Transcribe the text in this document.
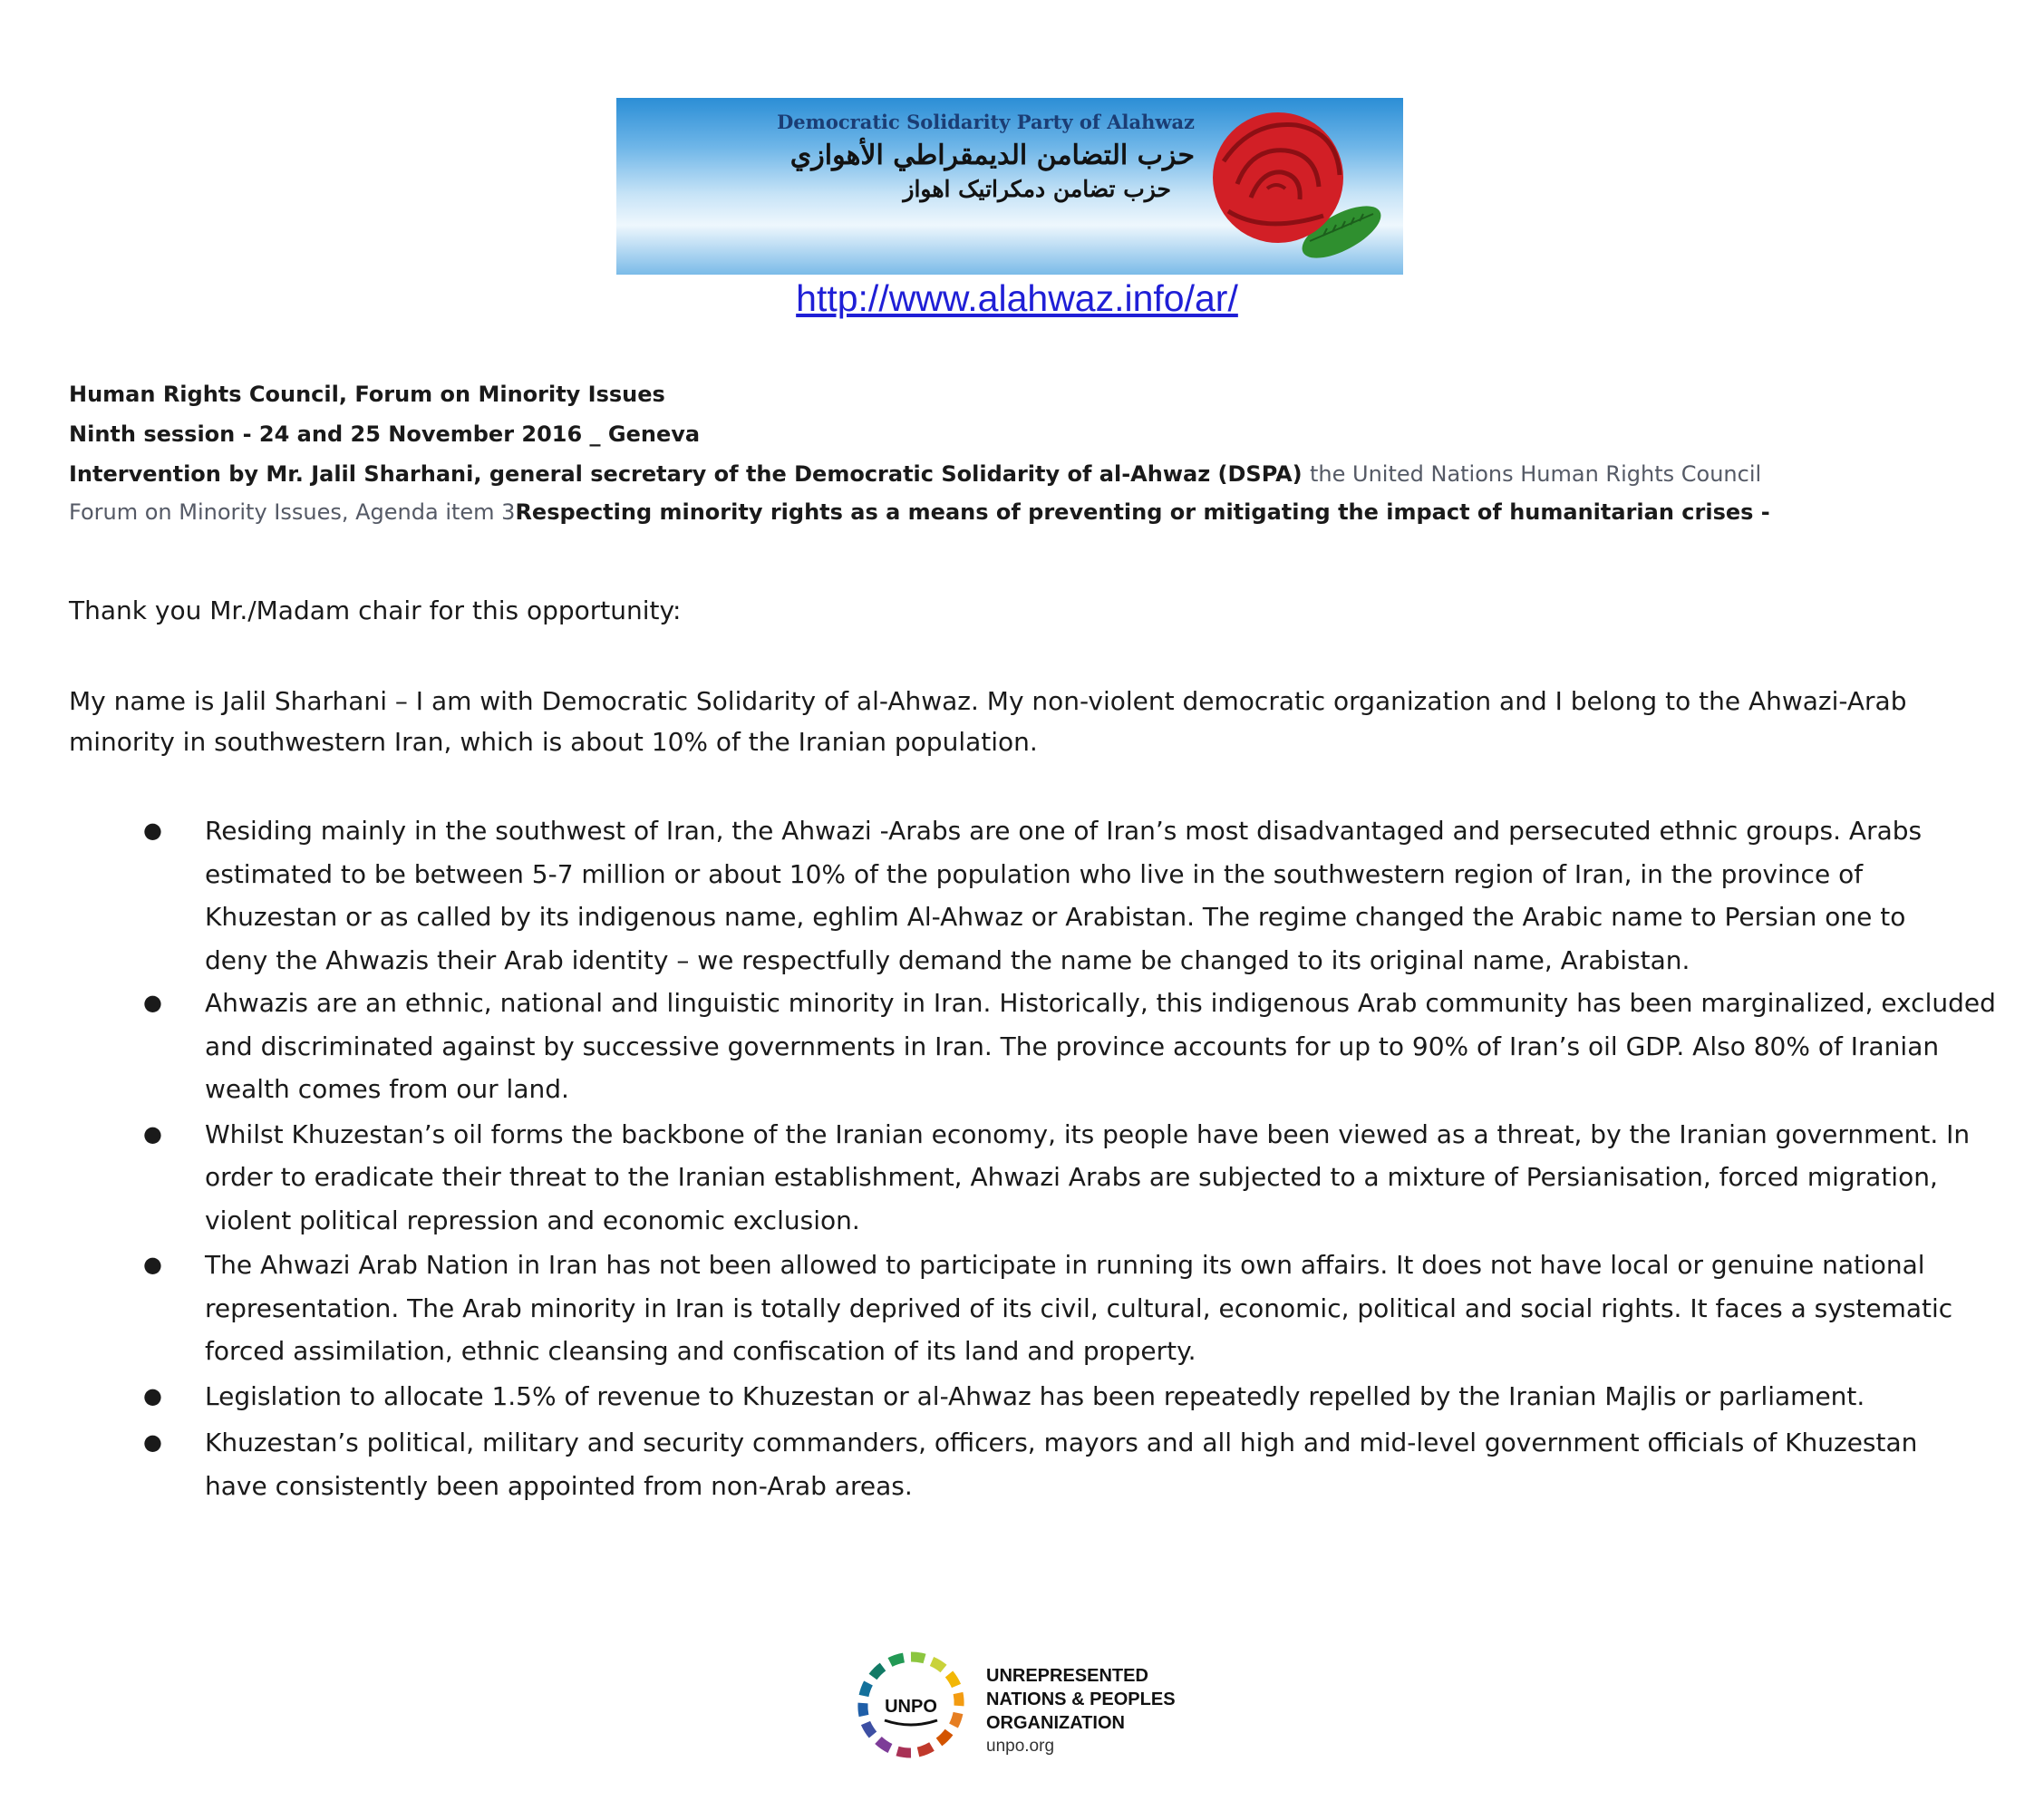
Democratic Solidarity Party of Alahwaz
حزب التضامن الديمقراطي الأهوازي
حزب تضامن دمکراتیک اهواز
http://www.alahwaz.info/ar/
Human Rights Council, Forum on Minority Issues
Ninth session - 24 and 25 November 2016 _ Geneva
Intervention by Mr. Jalil Sharhani, general secretary of the Democratic Solidarity of al-Ahwaz (DSPA) the United Nations Human Rights Council
Forum on Minority Issues, Agenda item 3Respecting minority rights as a means of preventing or mitigating the impact of humanitarian crises -
Thank you Mr./Madam chair for this opportunity:
My name is Jalil Sharhani – I am with Democratic Solidarity of al-Ahwaz. My non-violent democratic organization and I belong to the Ahwazi-Arab minority in southwestern Iran, which is about 10% of the Iranian population.
●	Residing mainly in the southwest of Iran, the Ahwazi -Arabs are one of Iran’s most disadvantaged and persecuted ethnic groups. Arabs estimated to be between 5-7 million or about 10% of the population who live in the southwestern region of Iran, in the province of Khuzestan or as called by its indigenous name, eghlim Al-Ahwaz or Arabistan. The regime changed the Arabic name to Persian one to deny the Ahwazis their Arab identity – we respectfully demand the name be changed to its original name, Arabistan.
●	Ahwazis are an ethnic, national and linguistic minority in Iran. Historically, this indigenous Arab community has been marginalized, excluded and discriminated against by successive governments in Iran. The province accounts for up to 90% of Iran’s oil GDP. Also 80% of Iranian wealth comes from our land.
●	Whilst Khuzestan’s oil forms the backbone of the Iranian economy, its people have been viewed as a threat, by the Iranian government. In order to eradicate their threat to the Iranian establishment, Ahwazi Arabs are subjected to a mixture of Persianisation, forced migration, violent political repression and economic exclusion.
●	The Ahwazi Arab Nation in Iran has not been allowed to participate in running its own affairs. It does not have local or genuine national representation. The Arab minority in Iran is totally deprived of its civil, cultural, economic, political and social rights. It faces a systematic forced assimilation, ethnic cleansing and confiscation of its land and property.
●	Legislation to allocate 1.5% of revenue to Khuzestan or al-Ahwaz has been repeatedly repelled by the Iranian Majlis or parliament.
●	Khuzestan’s political, military and security commanders, officers, mayors and all high and mid-level government officials of Khuzestan have consistently been appointed from non-Arab areas.
UNPO
UNREPRESENTED
NATIONS & PEOPLES
ORGANIZATION
unpo.org
